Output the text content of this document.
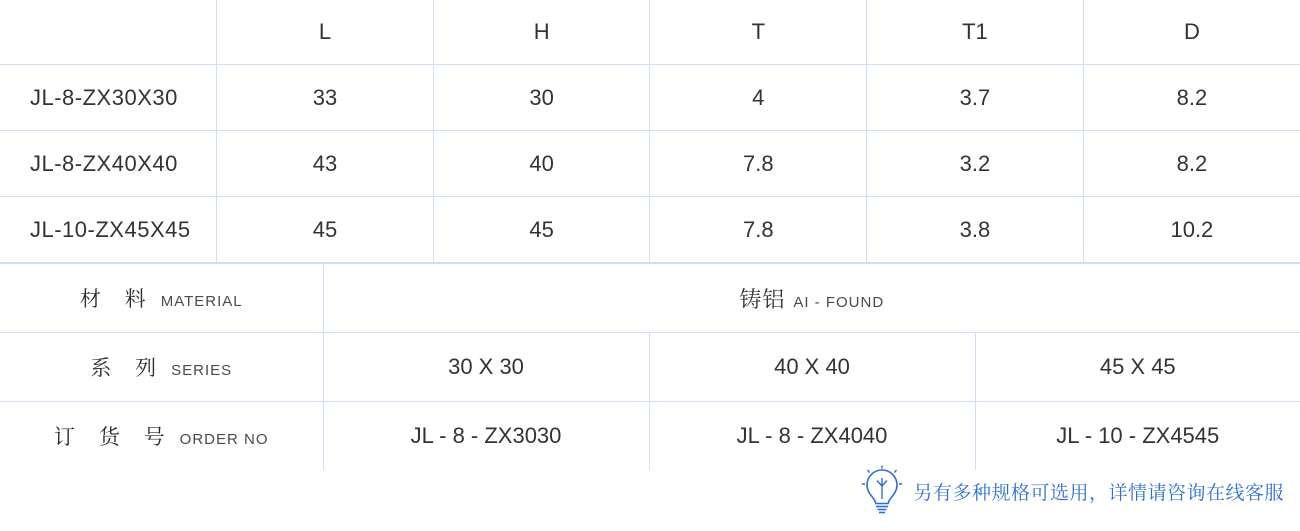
	L	H	T	T1	D
JL-8-ZX30X30	33	30	4	3.7	8.2
JL-8-ZX40X40	43	40	7.8	3.2	8.2
JL-10-ZX45X45	45	45	7.8	3.8	10.2
材 料 MATERIAL	铸铝 AI - FOUND		
系 列 SERIES	30 X 30	40 X 40	45 X 45
订 货 号 ORDER NO	JL - 8 - ZX3030	JL - 8 - ZX4040	JL - 10 - ZX4545
另有多种规格可选用，详情请咨询在线客服
